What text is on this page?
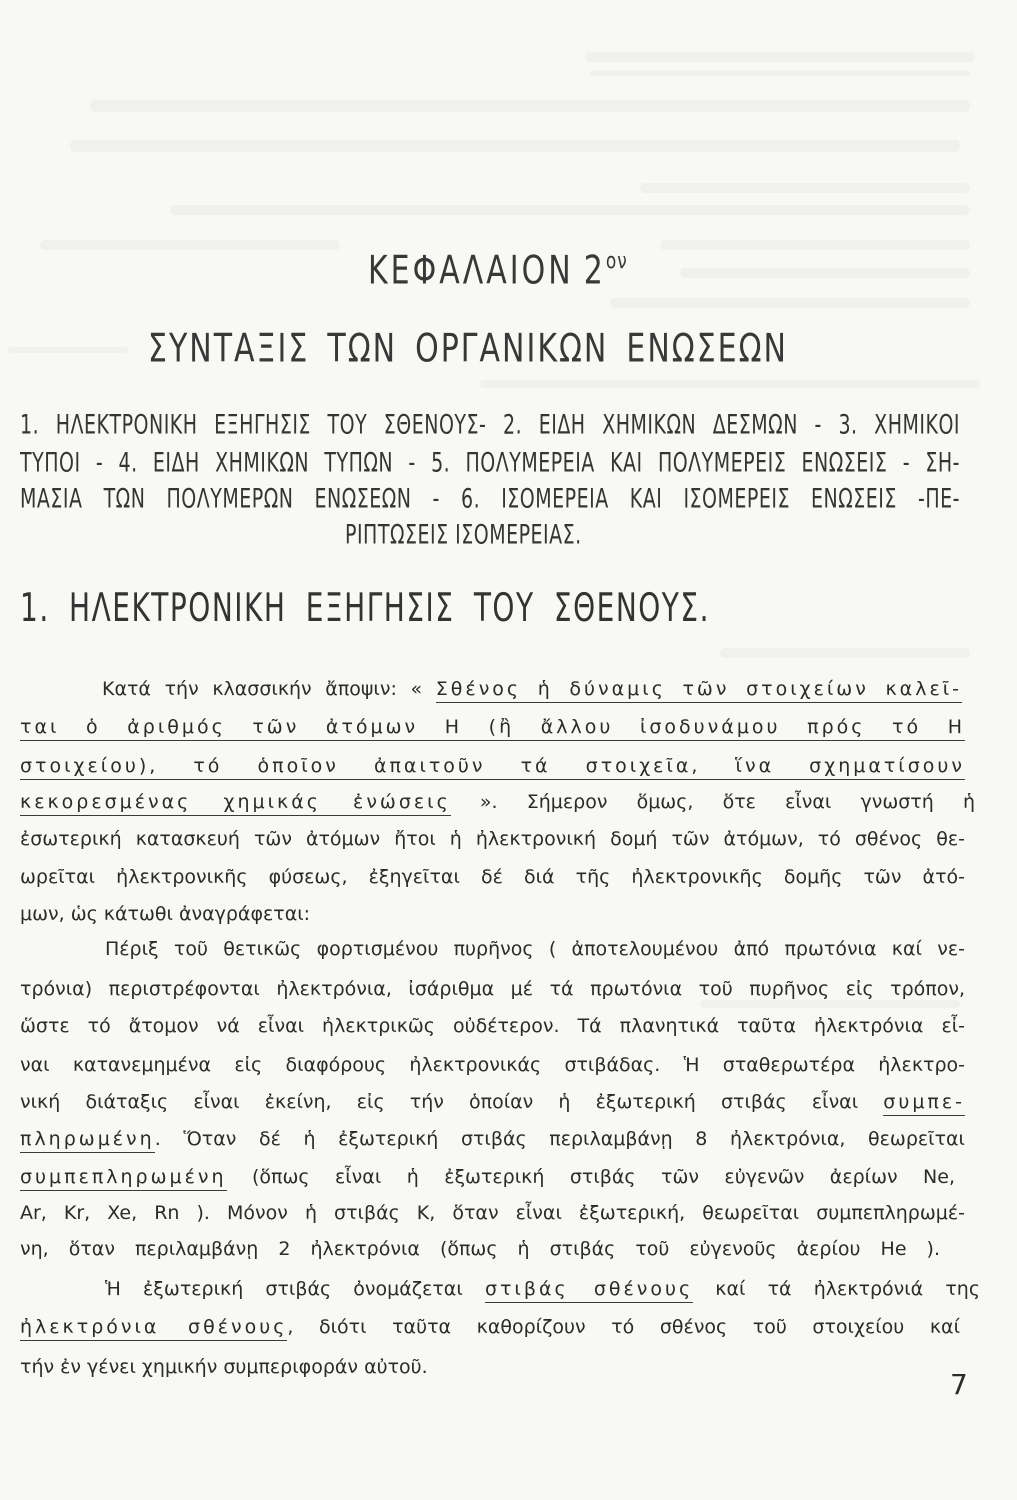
ΚΕΦΑΛΑΙΟΝ 2 $^{o\nu}$
ΣΥΝΤΑΞΙΣ ΤΩΝ ΟΡΓΑΝΙΚΩΝ ΕΝΩΣΕΩΝ
1. ΗΛΕΚΤΡΟΝΙΚΗ ΕΞΗΓΗΣΙΣ ΤΟΥ ΣΘΕΝΟΥΣ- 2. ΕΙΔΗ ΧΗΜΙΚΩΝ ΔΕΣΜΩΝ - 3. ΧΗΜΙΚΟΙ
ΤΥΠΟΙ - 4. ΕΙΔΗ ΧΗΜΙΚΩΝ ΤΥΠΩΝ - 5. ΠΟΛΥΜΕΡΕΙΑ ΚΑΙ ΠΟΛΥΜΕΡΕΙΣ ΕΝΩΣΕΙΣ - ΣΗ-
ΜΑΣΙΑ ΤΩΝ ΠΟΛΥΜΕΡΩΝ ΕΝΩΣΕΩΝ - 6. ΙΣΟΜΕΡΕΙΑ ΚΑΙ ΙΣΟΜΕΡΕΙΣ ΕΝΩΣΕΙΣ -ΠΕ-
ΡΙΠΤΩΣΕΙΣ ΙΣΟΜΕΡΕΙΑΣ.
1. ΗΛΕΚΤΡΟΝΙΚΗ ΕΞΗΓΗΣΙΣ ΤΟΥ ΣΘΕΝΟΥΣ.
Κατά τήν κλασσικήν ἄποψιν: « Σθένος ἡ δύναμις τῶν στοιχείων καλεῖ-
ται ὁ ἀριθμός τῶν ἀτόμων Η (ἢ ἄλλου ἰσοδυνάμου πρός τό Η
στοιχείου), τό ὁποῖον ἀπαιτοῦν τά στοιχεῖα, ἵνα σχηματίσουν
κεκορεσμένας χημικάς ἐνώσεις ». Σήμερον ὅμως, ὅτε εἶναι γνωστή ἡ
ἐσωτερική κατασκευή τῶν ἀτόμων ἤτοι ἡ ἠλεκτρονική δομή τῶν ἀτόμων, τό σθένος θε-
ωρεῖται ἠλεκτρονικῆς φύσεως, ἐξηγεῖται δέ διά τῆς ἠλεκτρονικῆς δομῆς τῶν ἀτό-
μων, ὡς κάτωθι ἀναγράφεται:
Πέριξ τοῦ θετικῶς φορτισμένου πυρῆνος ( ἀποτελουμένου ἀπό πρωτόνια καί νε-
τρόνια) περιστρέφονται ἠλεκτρόνια, ἰσάριθμα μέ τά πρωτόνια τοῦ πυρῆνος εἰς τρόπον,
ὥστε τό ἄτομον νά εἶναι ἠλεκτρικῶς οὐδέτερον. Τά πλανητικά ταῦτα ἠλεκτρόνια εἶ-
ναι κατανεμημένα εἰς διαφόρους ἠλεκτρονικάς στιβάδας. Ἡ σταθερωτέρα ἠλεκτρο-
νική διάταξις εἶναι ἐκείνη, εἰς τήν ὁποίαν ἡ ἐξωτερική στιβάς εἶναι συμπε-
πληρωμένη. Ὅταν δέ ἡ ἐξωτερική στιβάς περιλαμβάνῃ 8 ἠλεκτρόνια, θεωρεῖται
συμπεπληρωμένη (ὅπως εἶναι ἡ ἐξωτερική στιβάς τῶν εὐγενῶν ἀερίων Ne,
Ar, Kr, Xe, Rn ). Μόνον ἡ στιβάς Κ, ὅταν εἶναι ἐξωτερική, θεωρεῖται συμπεπληρωμέ-
νη, ὅταν περιλαμβάνῃ 2 ἠλεκτρόνια (ὅπως ἡ στιβάς τοῦ εὐγενοῦς ἀερίου He ).
Ἡ ἐξωτερική στιβάς ὀνομάζεται στιβάς σθένους καί τά ἠλεκτρόνιά της
ἠλεκτρόνια σθένους, διότι ταῦτα καθορίζουν τό σθένος τοῦ στοιχείου καί
τήν ἐν γένει χημικήν συμπεριφοράν αὐτοῦ.
7
